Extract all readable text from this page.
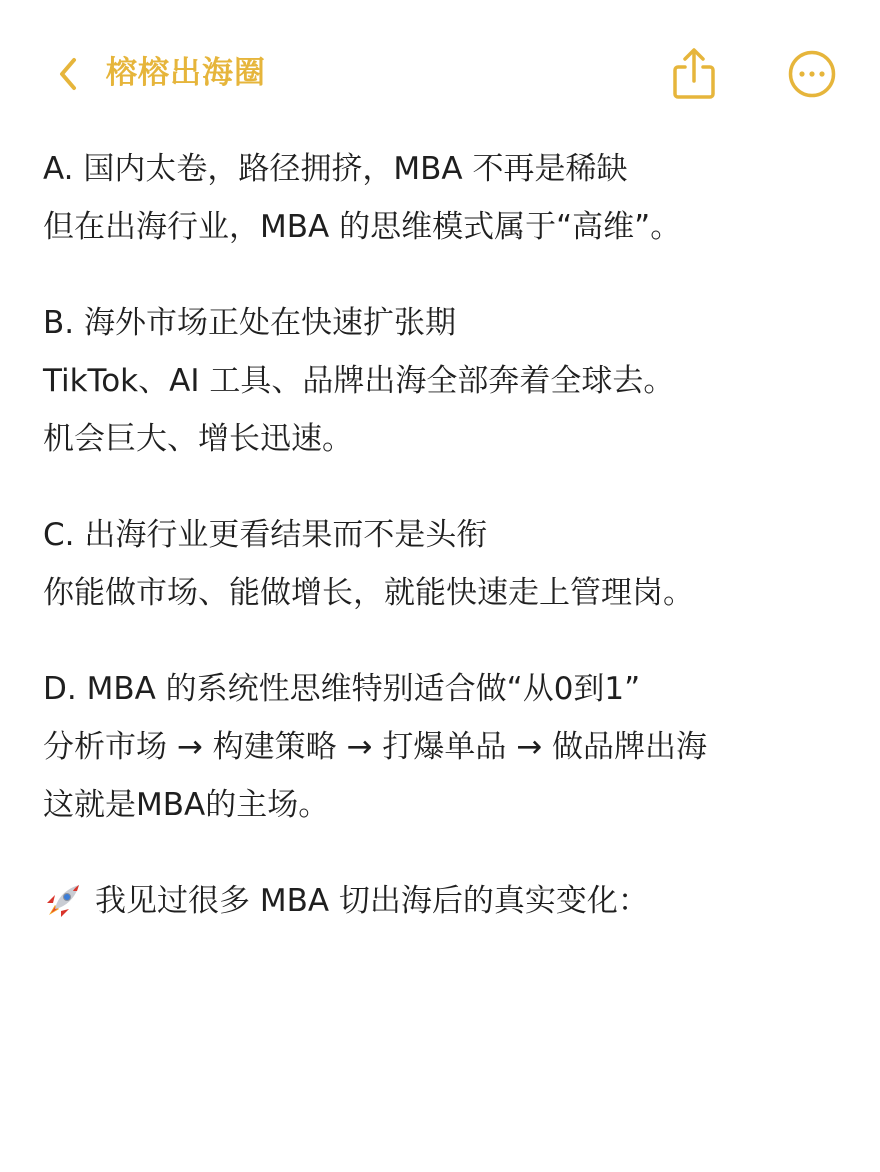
榕榕出海圈
A. 国内太卷，路径拥挤，MBA 不再是稀缺
但在出海行业，MBA 的思维模式属于“高维”。
B. 海外市场正处在快速扩张期
TikTok、AI 工具、品牌出海全部奔着全球去。
机会巨大、增长迅速。
C. 出海行业更看结果而不是头衔
你能做市场、能做增长，就能快速走上管理岗。
D. MBA 的系统性思维特别适合做“从0到1”
分析市场 → 构建策略 → 打爆单品 → 做品牌出海
这就是MBA的主场。
我见过很多 MBA 切出海后的真实变化：
